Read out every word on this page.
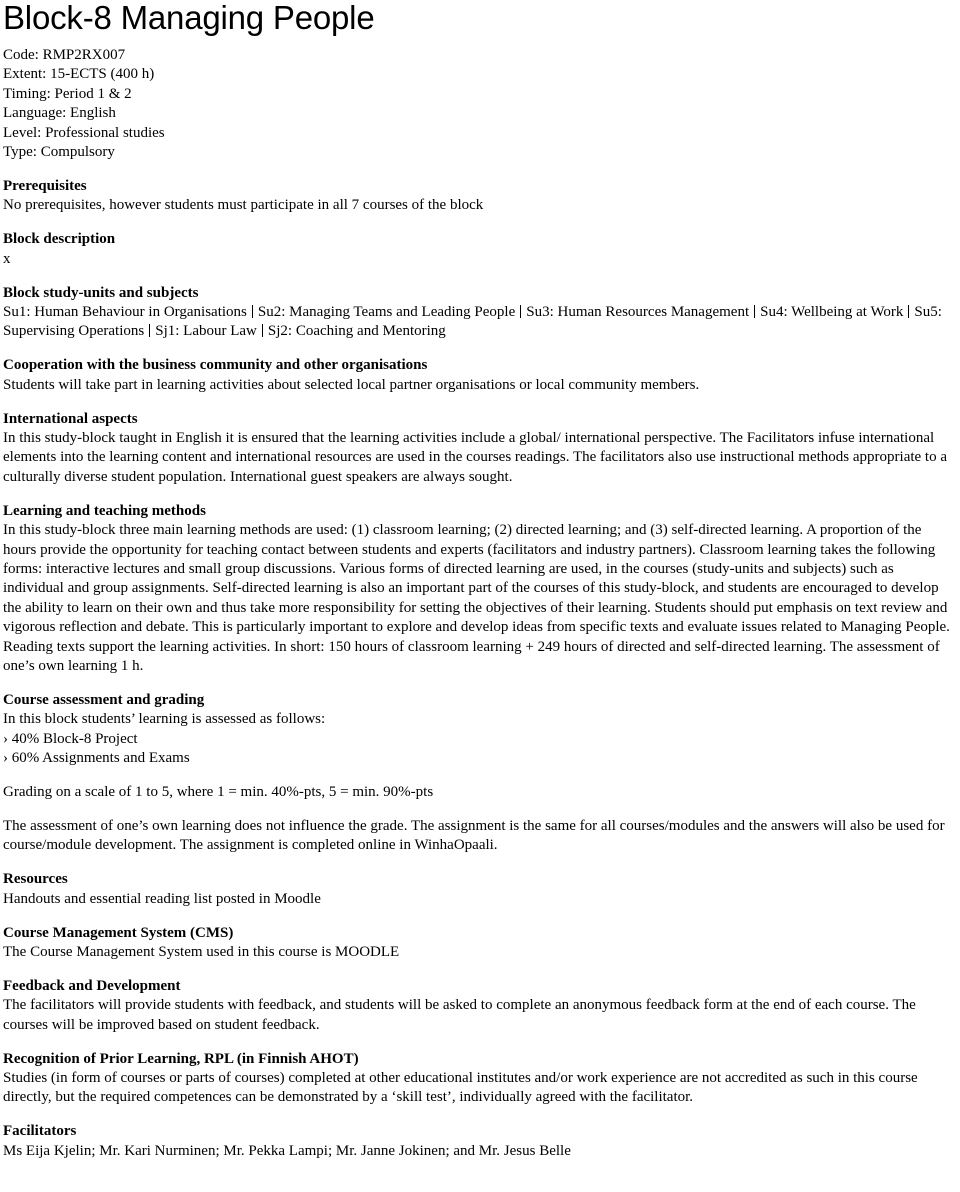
Block-8 Managing People

Code: RMP2RX007

Extent: 15-ECTS (400 h)

Timing: Period 1 & 2

Language: English

Level: Professional studies

Type: Compulsory

Prerequisites

No prerequisites, however students must participate in all 7 courses of the block

Block description

x

Block study-units and subjects

Su1: Human Behaviour in Organisations Su2: Managing Teams and Leading People Su3: Human Resources Management Su4: Wellbeing at Work Su5: Supervising Operations Sj1: Labour Law Sj2: Coaching and Mentoring

Cooperation with the business community and other organisations

Students will take part in learning activities about selected local partner organisations or local community members.

International aspects

In this study-block taught in English it is ensured that the learning activities include a global/ international perspective. The Facilitators infuse international elements into the learning content and international resources are used in the courses readings. The facilitators also use instructional methods appropriate to a culturally diverse student population. International guest speakers are always sought.

Learning and teaching methods

In this study-block three main learning methods are used: (1) classroom learning; (2) directed learning; and (3) self-directed learning. A proportion of the hours provide the opportunity for teaching contact between students and experts (facilitators and industry partners). Classroom learning takes the following forms: interactive lectures and small group discussions. Various forms of directed learning are used, in the courses (study-units and subjects) such as individual and group assignments. Self-directed learning is also an important part of the courses of this study-block, and students are encouraged to develop the ability to learn on their own and thus take more responsibility for setting the objectives of their learning. Students should put emphasis on text review and vigorous reflection and debate. This is particularly important to explore and develop ideas from specific texts and evaluate issues related to Managing People. Reading texts support the learning activities. In short: 150 hours of classroom learning + 249 hours of directed and self-directed learning. The assessment of one’s own learning 1 h.

Course assessment and grading

In this block students’ learning is assessed as follows:

› 40% Block-8 Project

› 60% Assignments and Exams

Grading on a scale of 1 to 5, where 1 = min. 40%-pts, 5 = min. 90%-pts

The assessment of one’s own learning does not influence the grade. The assignment is the same for all courses/modules and the answers will also be used for course/module development. The assignment is completed online in WinhaOpaali.

Resources

Handouts and essential reading list posted in Moodle

Course Management System (CMS)

The Course Management System used in this course is MOODLE

Feedback and Development

The facilitators will provide students with feedback, and students will be asked to complete an anonymous feedback form at the end of each course. The courses will be improved based on student feedback.

Recognition of Prior Learning, RPL (in Finnish AHOT)

Studies (in form of courses or parts of courses) completed at other educational institutes and/or work experience are not accredited as such in this course directly, but the required competences can be demonstrated by a ‘skill test’, individually agreed with the facilitator.

Facilitators

Ms Eija Kjelin; Mr. Kari Nurminen; Mr. Pekka Lampi; Mr. Janne Jokinen; and Mr. Jesus Belle
